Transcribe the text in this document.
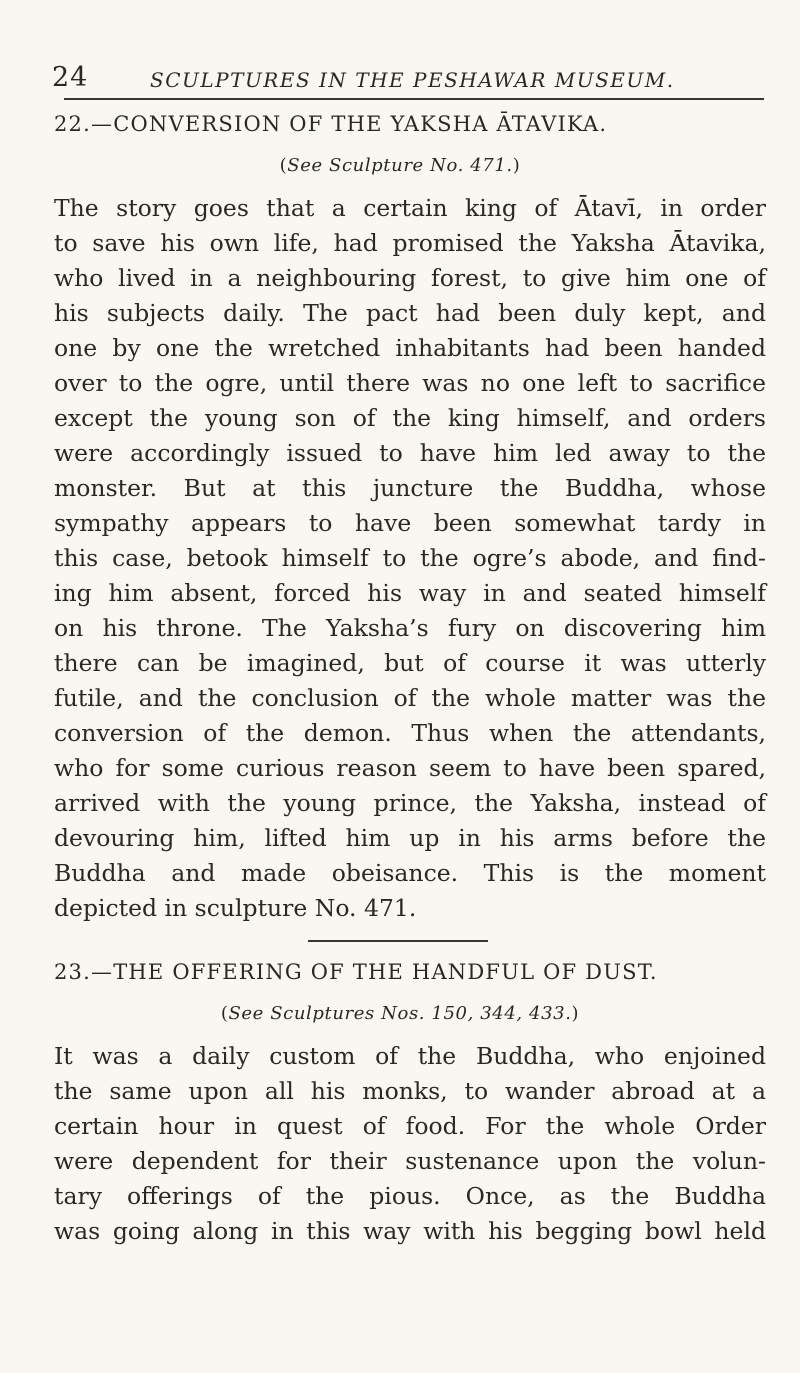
24	SCULPTURES IN THE PESHAWAR MUSEUM.
22.—CONVERSION OF THE YAKSHA ĀTAVIKA.
(See Sculpture No. 471.)
The story goes that a certain king of Ātavī, in order
to save his own life, had promised the Yaksha Ātavika,
who lived in a neighbouring forest, to give him one of
his subjects daily. The pact had been duly kept, and
one by one the wretched inhabitants had been handed
over to the ogre, until there was no one left to sacrifice
except the young son of the king himself, and orders
were accordingly issued to have him led away to the
monster. But at this juncture the Buddha, whose
sympathy appears to have been somewhat tardy in
this case, betook himself to the ogre’s abode, and find-
ing him absent, forced his way in and seated himself
on his throne. The Yaksha’s fury on discovering him
there can be imagined, but of course it was utterly
futile, and the conclusion of the whole matter was the
conversion of the demon. Thus when the attendants,
who for some curious reason seem to have been spared,
arrived with the young prince, the Yaksha, instead of
devouring him, lifted him up in his arms before the
Buddha and made obeisance. This is the moment
depicted in sculpture No. 471.
23.—THE OFFERING OF THE HANDFUL OF DUST.
(See Sculptures Nos. 150, 344, 433.)
It was a daily custom of the Buddha, who enjoined
the same upon all his monks, to wander abroad at a
certain hour in quest of food. For the whole Order
were dependent for their sustenance upon the volun-
tary offerings of the pious. Once, as the Buddha
was going along in this way with his begging bowl held
